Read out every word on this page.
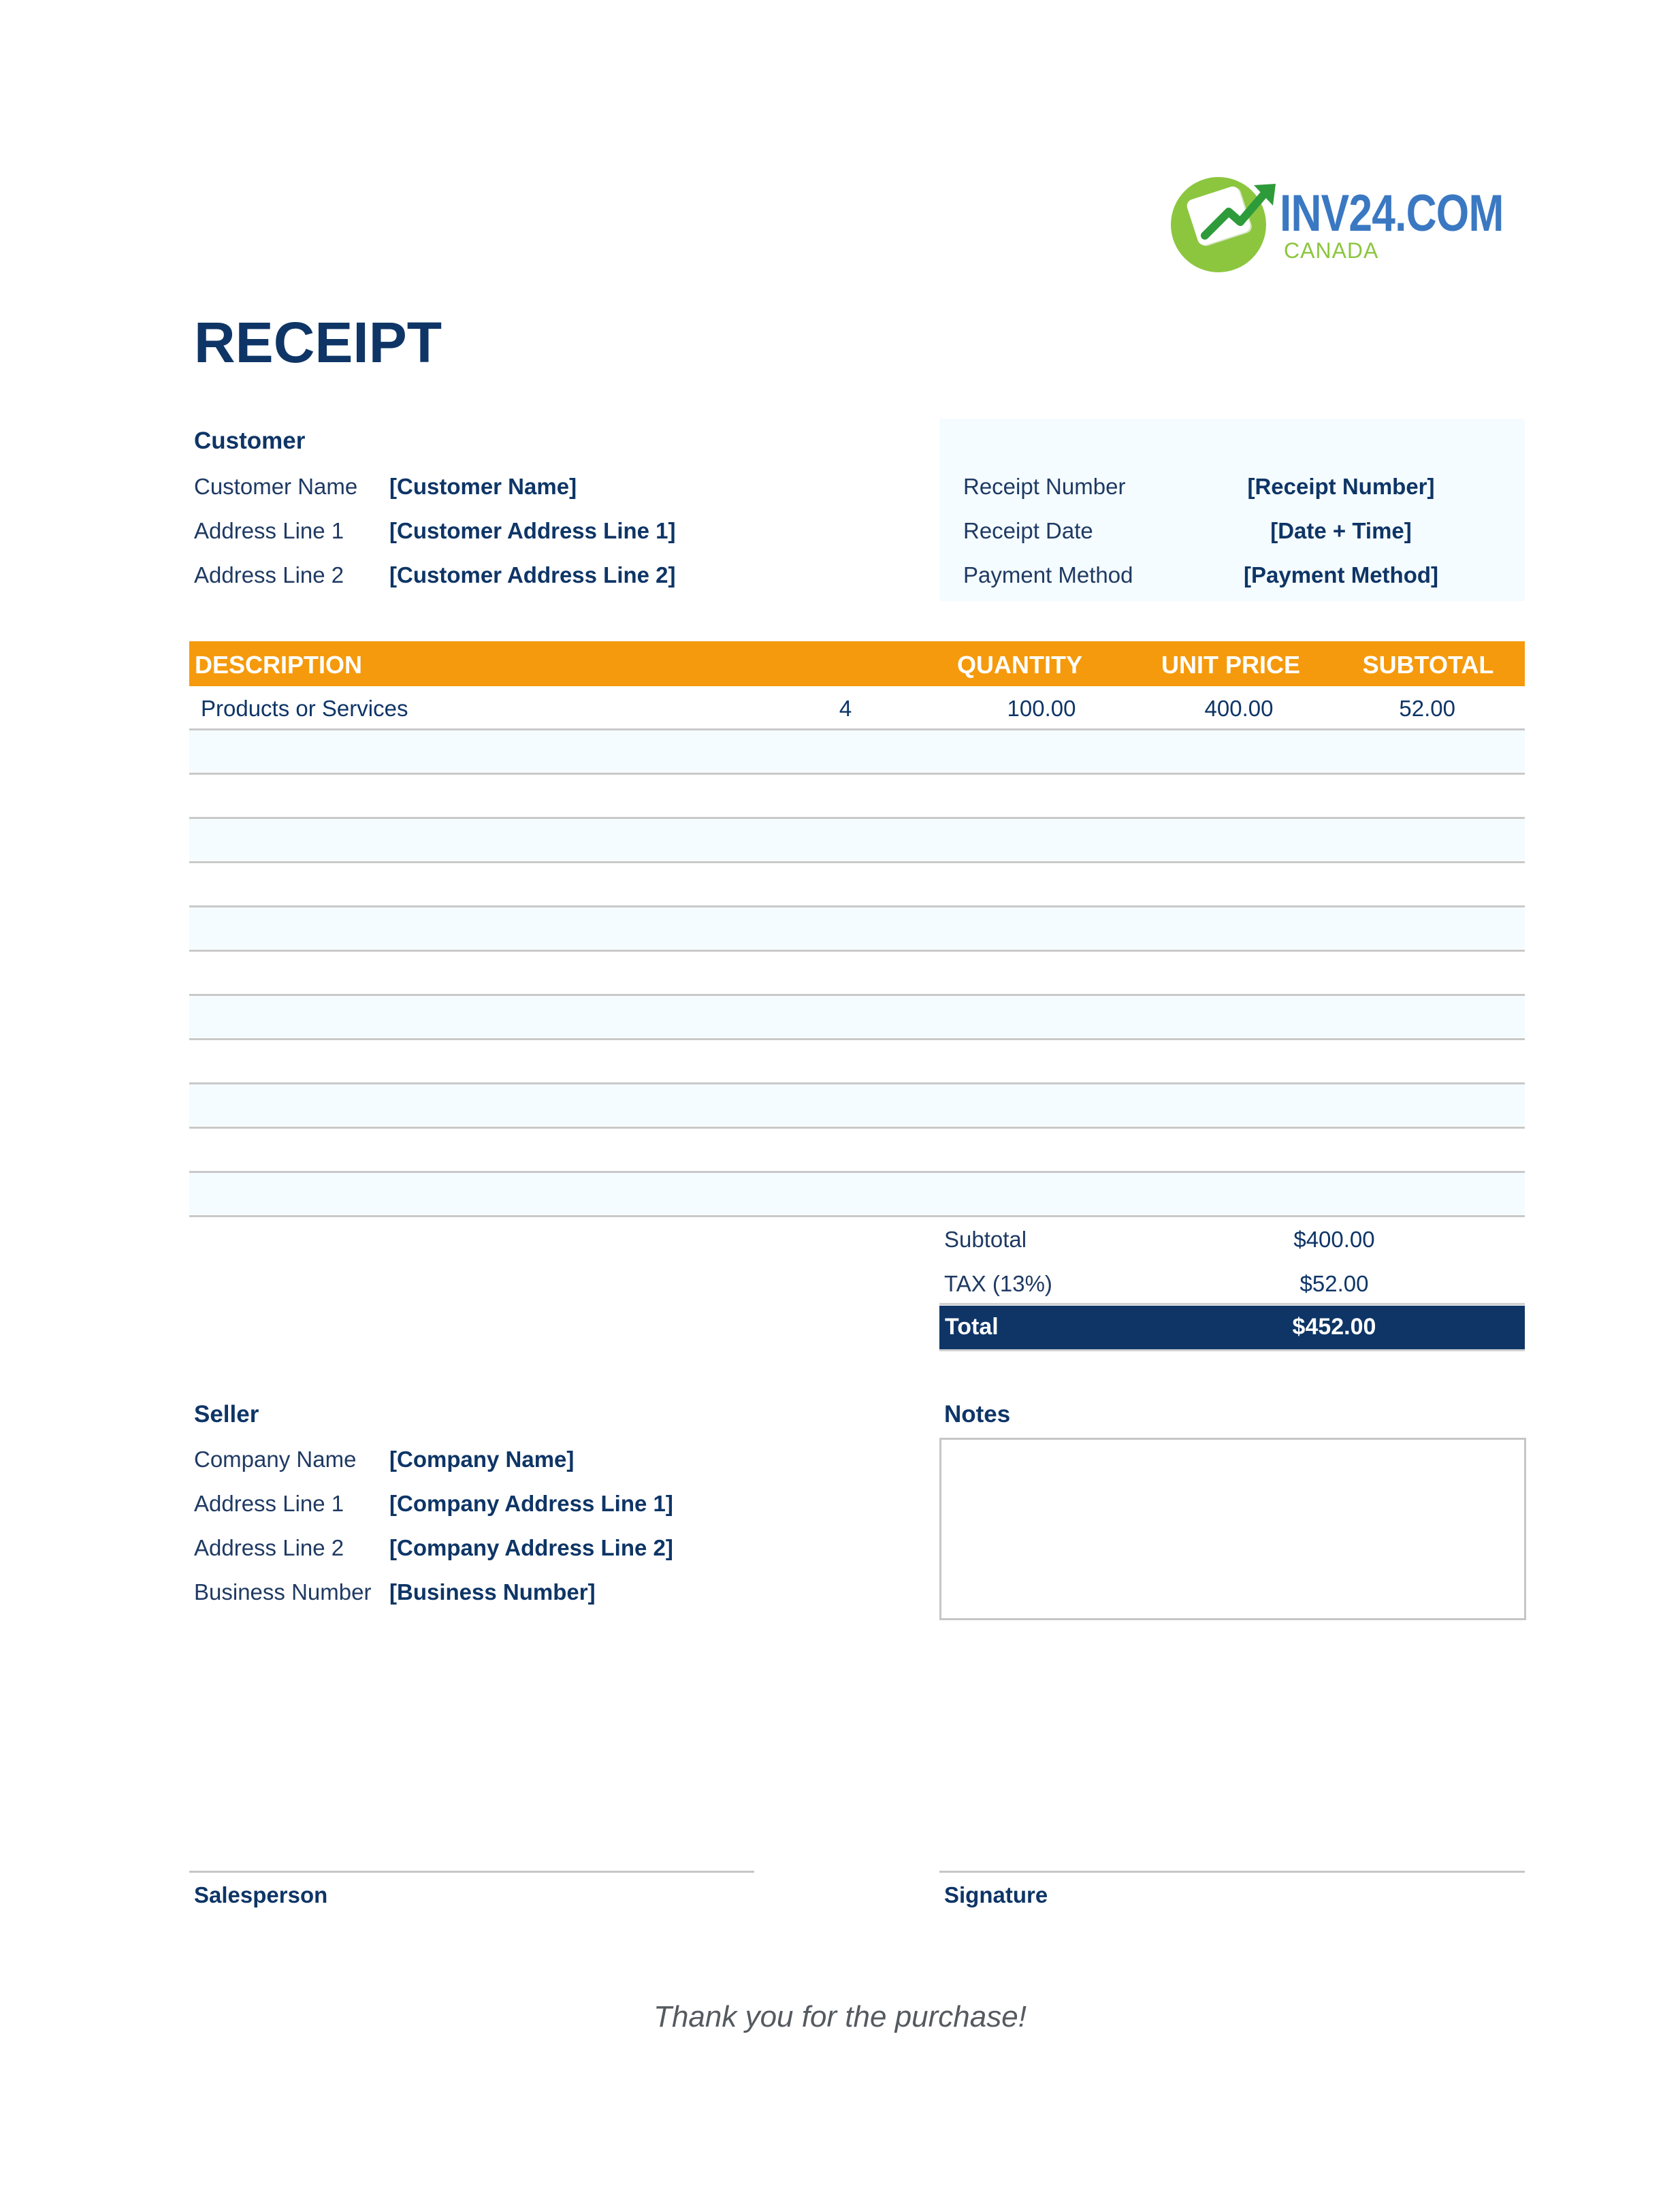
INV24.COM
CANADA
RECEIPT
Customer
Customer Name [Customer Name]
Address Line 1 [Customer Address Line 1]
Address Line 2 [Customer Address Line 2]
Receipt Number	[Receipt Number]
Receipt Date	[Date + Time]
Payment Method	[Payment Method]
DESCRIPTION	QUANTITY	UNIT PRICE	SUBTOTAL	TAX
Products or Services	4	100.00	400.00	52.00
Subtotal	$400.00
TAX (13%)	$52.00
Total	$452.00
Seller
Company Name [Company Name]
Address Line 1 [Company Address Line 1]
Address Line 2 [Company Address Line 2]
Business Number [Business Number]
Notes
Salesperson	Signature
Thank you for the purchase!
